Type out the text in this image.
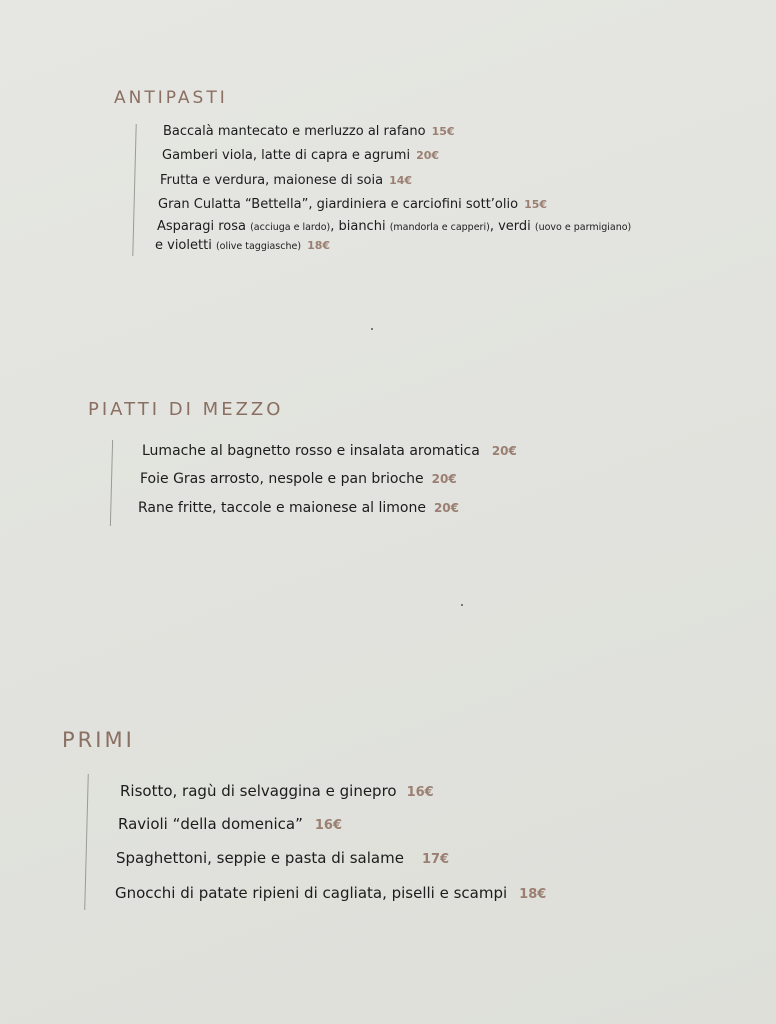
ANTIPASTI
Baccalà mantecato e merluzzo al rafano 15€
Gamberi viola, latte di capra e agrumi 20€
Frutta e verdura, maionese di soia 14€
Gran Culatta “Bettella”, giardiniera e carciofini sott’olio 15€
Asparagi rosa (acciuga e lardo), bianchi (mandorla e capperi), verdi (uovo e parmigiano)
e violetti (olive taggiasche) 18€
PIATTI DI MEZZO
Lumache al bagnetto rosso e insalata aromatica 20€
Foie Gras arrosto, nespole e pan brioche 20€
Rane fritte, taccole e maionese al limone 20€
PRIMI
Risotto, ragù di selvaggina e ginepro 16€
Ravioli “della domenica” 16€
Spaghettoni, seppie e pasta di salame 17€
Gnocchi di patate ripieni di cagliata, piselli e scampi 18€
